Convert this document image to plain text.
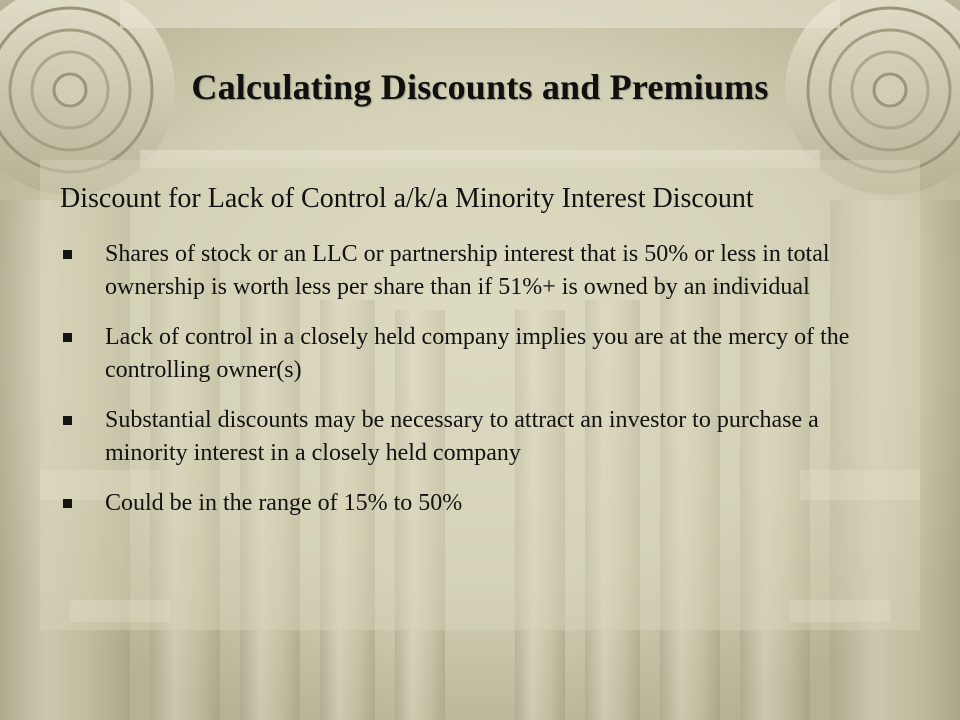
Calculating Discounts and Premiums
Discount for Lack of Control a/k/a Minority Interest Discount
Shares of stock or an LLC or partnership interest that is 50% or less in total ownership is worth less per share than if 51%+ is owned by an individual
Lack of control in a closely held company implies you are at the mercy of the controlling owner(s)
Substantial discounts may be necessary to attract an investor to purchase a minority interest in a closely held company
Could be in the range of 15% to 50%
